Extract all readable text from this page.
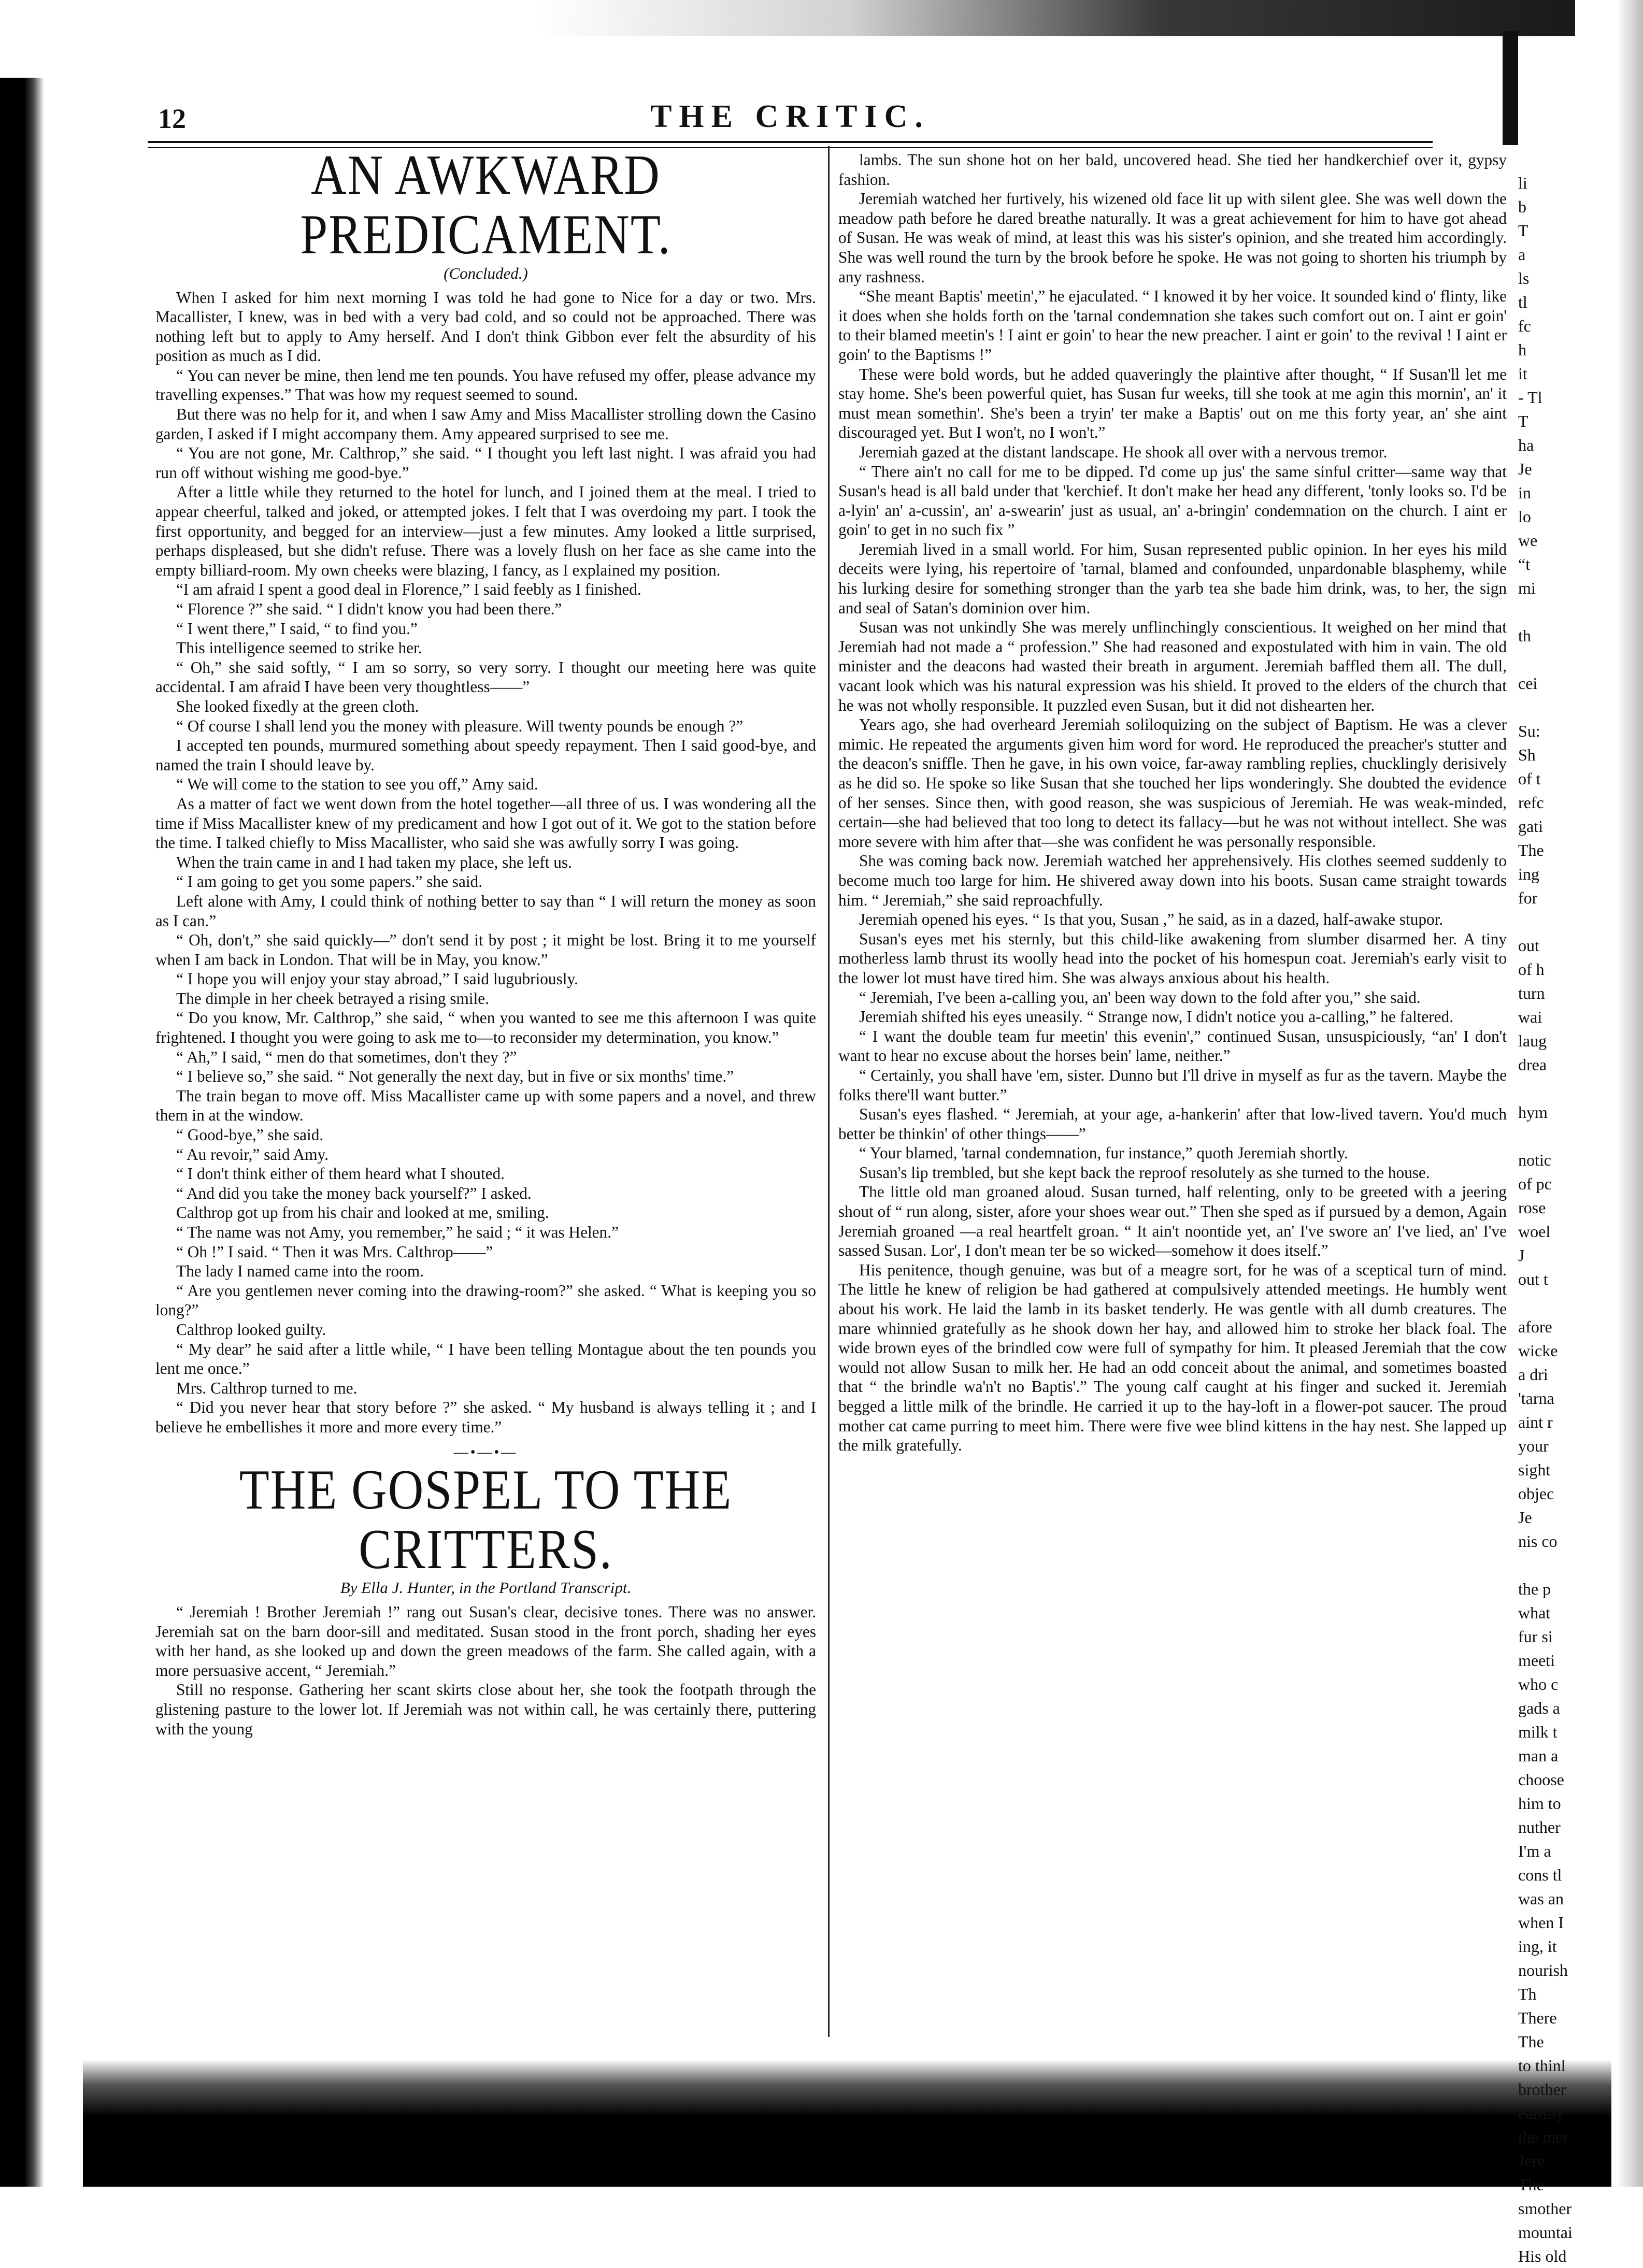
THE CRITIC.
12
AN AWKWARD PREDICAMENT.
(Concluded.)

When I asked for him next morning I was told he had gone to Nice for a day or two. Mrs. Macallister, I knew, was in bed with a very bad cold, and so could not be approached. There was nothing left but to apply to Amy herself. And I don't think Gibbon ever felt the absurdity of his position as much as I did.

“ You can never be mine, then lend me ten pounds. You have refused my offer, please advance my travelling expenses.” That was how my request seemed to sound.

But there was no help for it, and when I saw Amy and Miss Macallister strolling down the Casino garden, I asked if I might accompany them. Amy appeared surprised to see me.

“ You are not gone, Mr. Calthrop,” she said. “ I thought you left last night. I was afraid you had run off without wishing me good-bye.”

After a little while they returned to the hotel for lunch, and I joined them at the meal. I tried to appear cheerful, talked and joked, or attempted jokes. I felt that I was overdoing my part. I took the first opportunity, and begged for an interview—just a few minutes. Amy looked a little surprised, perhaps displeased, but she didn't refuse. There was a lovely flush on her face as she came into the empty billiard-room. My own cheeks were blazing, I fancy, as I explained my position.

“I am afraid I spent a good deal in Florence,” I said feebly as I finished.

“ Florence ?” she said. “ I didn't know you had been there.”

“ I went there,” I said, “ to find you.”

This intelligence seemed to strike her.

“ Oh,” she said softly, “ I am so sorry, so very sorry. I thought our meeting here was quite accidental. I am afraid I have been very thoughtless——”

She looked fixedly at the green cloth.

“ Of course I shall lend you the money with pleasure. Will twenty pounds be enough ?”

I accepted ten pounds, murmured something about speedy repayment. Then I said good-bye, and named the train I should leave by.

“ We will come to the station to see you off,” Amy said.

As a matter of fact we went down from the hotel together—all three of us. I was wondering all the time if Miss Macallister knew of my predicament and how I got out of it. We got to the station before the time. I talked chiefly to Miss Macallister, who said she was awfully sorry I was going.

When the train came in and I had taken my place, she left us.

“ I am going to get you some papers.” she said.

Left alone with Amy, I could think of nothing better to say than “ I will return the money as soon as I can.”

“ Oh, don't,” she said quickly—” don't send it by post ; it might be lost. Bring it to me yourself when I am back in London. That will be in May, you know.”

“ I hope you will enjoy your stay abroad,” I said lugubriously.

The dimple in her cheek betrayed a rising smile.

“ Do you know, Mr. Calthrop,” she said, “ when you wanted to see me this afternoon I was quite frightened. I thought you were going to ask me to—to reconsider my determination, you know.”

“ Ah,” I said, “ men do that sometimes, don't they ?”

“ I believe so,” she said. “ Not generally the next day, but in five or six months' time.”

The train began to move off. Miss Macallister came up with some papers and a novel, and threw them in at the window.

“ Good-bye,” she said.

“ Au revoir,” said Amy.

“ I don't think either of them heard what I shouted.

“ And did you take the money back yourself?” I asked.

Calthrop got up from his chair and looked at me, smiling.

“ The name was not Amy, you remember,” he said ; “ it was Helen.”

“ Oh !” I said. “ Then it was Mrs. Calthrop——”

The lady I named came into the room.

“ Are you gentlemen never coming into the drawing-room?” she asked. “ What is keeping you so long?”

Calthrop looked guilty.

“ My dear” he said after a little while, “ I have been telling Montague about the ten pounds you lent me once.”

Mrs. Calthrop turned to me.

“ Did you never hear that story before ?” she asked. “ My husband is always telling it ; and I believe he embellishes it more and more every time.”

—•—•—
THE GOSPEL TO THE CRITTERS.
By Ella J. Hunter, in the Portland Transcript.

“ Jeremiah ! Brother Jeremiah !” rang out Susan's clear, decisive tones. There was no answer. Jeremiah sat on the barn door-sill and meditated. Susan stood in the front porch, shading her eyes with her hand, as she looked up and down the green meadows of the farm. She called again, with a more persuasive accent, “ Jeremiah.”

Still no response. Gathering her scant skirts close about her, she took the footpath through the glistening pasture to the lower lot. If Jeremiah was not within call, he was certainly there, puttering with the young

lambs. The sun shone hot on her bald, uncovered head. She tied her handkerchief over it, gypsy fashion.

Jeremiah watched her furtively, his wizened old face lit up with silent glee. She was well down the meadow path before he dared breathe naturally. It was a great achievement for him to have got ahead of Susan. He was weak of mind, at least this was his sister's opinion, and she treated him accordingly. She was well round the turn by the brook before he spoke. He was not going to shorten his triumph by any rashness.

“She meant Baptis' meetin',” he ejaculated. “ I knowed it by her voice. It sounded kind o' flinty, like it does when she holds forth on the 'tarnal condemnation she takes such comfort out on. I aint er goin' to their blamed meetin's ! I aint er goin' to hear the new preacher. I aint er goin' to the revival ! I aint er goin' to the Baptisms !”

These were bold words, but he added quaveringly the plaintive after thought, “ If Susan'll let me stay home. She's been powerful quiet, has Susan fur weeks, till she took at me agin this mornin', an' it must mean somethin'. She's been a tryin' ter make a Baptis' out on me this forty year, an' she aint discouraged yet. But I won't, no I won't.”

Jeremiah gazed at the distant landscape. He shook all over with a nervous tremor.

“ There ain't no call for me to be dipped. I'd come up jus' the same sinful critter—same way that Susan's head is all bald under that 'kerchief. It don't make her head any different, 'tonly looks so. I'd be a-lyin' an' a-cussin', an' a-swearin' just as usual, an' a-bringin' condemnation on the church. I aint er goin' to get in no such fix ”

Jeremiah lived in a small world. For him, Susan represented public opinion. In her eyes his mild deceits were lying, his repertoire of 'tarnal, blamed and confounded, unpardonable blasphemy, while his lurking desire for something stronger than the yarb tea she bade him drink, was, to her, the sign and seal of Satan's dominion over him.

Susan was not unkindly She was merely unflinchingly conscientious. It weighed on her mind that Jeremiah had not made a “ profession.” She had reasoned and expostulated with him in vain. The old minister and the deacons had wasted their breath in argument. Jeremiah baffled them all. The dull, vacant look which was his natural expression was his shield. It proved to the elders of the church that he was not wholly responsible. It puzzled even Susan, but it did not dishearten her.

Years ago, she had overheard Jeremiah soliloquizing on the subject of Baptism. He was a clever mimic. He repeated the arguments given him word for word. He reproduced the preacher's stutter and the deacon's sniffle. Then he gave, in his own voice, far-away rambling replies, chucklingly derisively as he did so. He spoke so like Susan that she touched her lips wonderingly. She doubted the evidence of her senses. Since then, with good reason, she was suspicious of Jeremiah. He was weak-minded, certain—she had believed that too long to detect its fallacy—but he was not without intellect. She was more severe with him after that—she was confident he was personally responsible.

She was coming back now. Jeremiah watched her apprehensively. His clothes seemed suddenly to become much too large for him. He shivered away down into his boots. Susan came straight towards him. “ Jeremiah,” she said reproachfully.

Jeremiah opened his eyes. “ Is that you, Susan ,” he said, as in a dazed, half-awake stupor.

Susan's eyes met his sternly, but this child-like awakening from slumber disarmed her. A tiny motherless lamb thrust its woolly head into the pocket of his homespun coat. Jeremiah's early visit to the lower lot must have tired him. She was always anxious about his health.

“ Jeremiah, I've been a-calling you, an' been way down to the fold after you,” she said.

Jeremiah shifted his eyes uneasily. “ Strange now, I didn't notice you a-calling,” he faltered.

“ I want the double team fur meetin' this evenin',” continued Susan, unsuspiciously, “an' I don't want to hear no excuse about the horses bein' lame, neither.”

“ Certainly, you shall have 'em, sister. Dunno but I'll drive in myself as fur as the tavern. Maybe the folks there'll want butter.”

Susan's eyes flashed. “ Jeremiah, at your age, a-hankerin' after that low-lived tavern. You'd much better be thinkin' of other things——”

“ Your blamed, 'tarnal condemnation, fur instance,” quoth Jeremiah shortly.

Susan's lip trembled, but she kept back the reproof resolutely as she turned to the house.

The little old man groaned aloud. Susan turned, half relenting, only to be greeted with a jeering shout of “ run along, sister, afore your shoes wear out.” Then she sped as if pursued by a demon, Again Jeremiah groaned —a real heartfelt groan. “ It ain't noontide yet, an' I've swore an' I've lied, an' I've sassed Susan. Lor', I don't mean ter be so wicked—somehow it does itself.”

His penitence, though genuine, was but of a meagre sort, for he was of a sceptical turn of mind. The little he knew of religion be had gathered at compulsively attended meetings. He humbly went about his work. He laid the lamb in its basket tenderly. He was gentle with all dumb creatures. The mare whinnied gratefully as he shook down her hay, and allowed him to stroke her black foal. The wide brown eyes of the brindled cow were full of sympathy for him. It pleased Jeremiah that the cow would not allow Susan to milk her. He had an odd conceit about the animal, and sometimes boasted that “ the brindle wa'n't no Baptis'.” The young calf caught at his finger and sucked it. Jeremiah begged a little milk of the brindle. He carried it up to the hay-loft in a flower-pot saucer. The proud mother cat came purring to meet him. There were five wee blind kittens in the hay nest. She lapped up the milk gratefully.

li
b
T
a
ls
tl
fc
h
it
- Tl
T
ha
Je
in
lo
we
“t
mi

th

cei

Su:
Sh
of t
refc
gati
Thе
ing
for

out
of h
turn
wai
laug
drea

hym

notiс
of pс
rose
woel
J
out t

afore
wickе
a dri
'tarna
aint r
your
sight
objec
Je
nis co

the p
what
fur si
meeti
who c
gads a
milk t
man a
choose
him to
nuther
I'm a
cons tl
was an
when I
ing, it
nourish
Th
There
The
to thinl
brother
earthly
the mer
Jere
The
smother
mountai
His old
